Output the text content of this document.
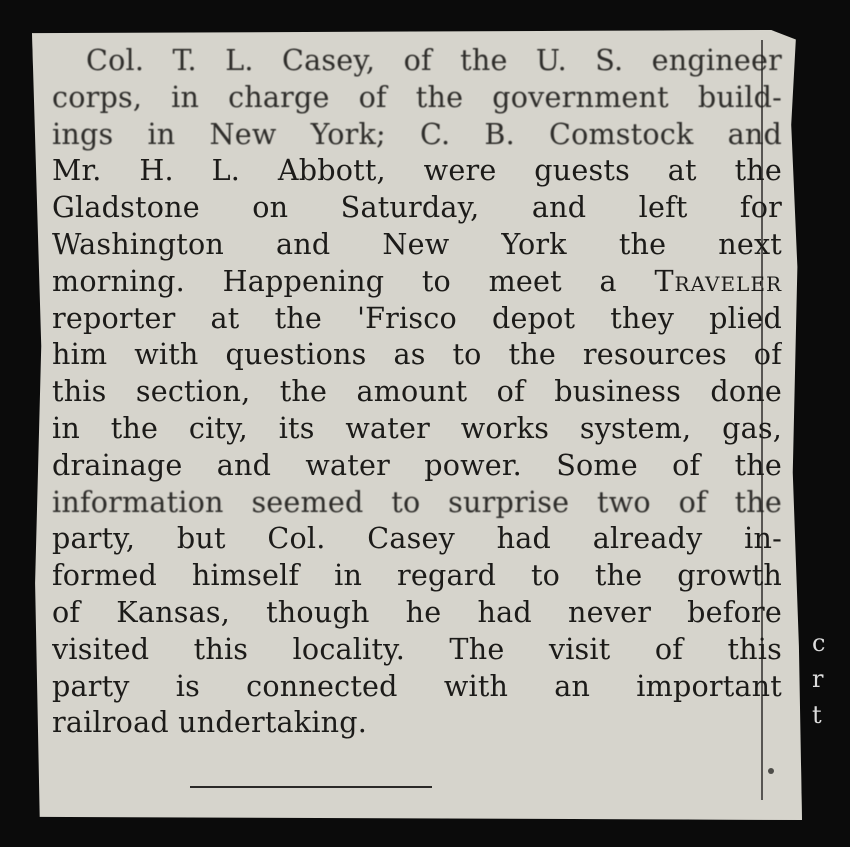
c
r
t
Col. T. L. Casey, of the U. S. engineer
corps, in charge of the government build-
ings in New York; C. B. Comstock and
Mr. H. L. Abbott, were guests at the
Gladstone on Saturday, and left for
Washington and New York the next
morning. Happening to meet a Traveler
reporter at the 'Frisco depot they plied
him with questions as to the resources of
this section, the amount of business done
in the city, its water works system, gas,
drainage and water power. Some of the
information seemed to surprise two of the
party, but Col. Casey had already in-
formed himself in regard to the growth
of Kansas, though he had never before
visited this locality. The visit of this
party is connected with an important
railroad undertaking.
